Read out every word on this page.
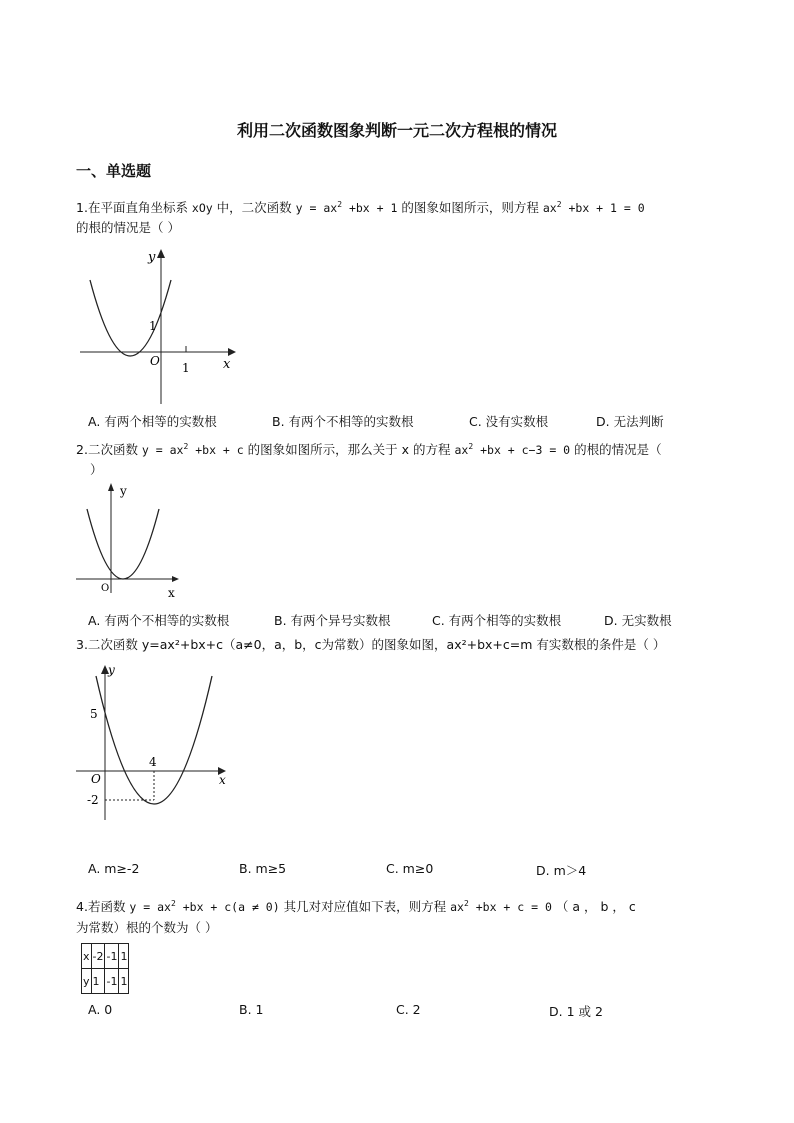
利用二次函数图象判断一元二次方程根的情况
一、单选题
1.在平面直角坐标系 xOy 中，二次函数 $y = ax^2 +bx + 1$ 的图象如图所示，则方程 $ax^2 +bx + 1 = 0$
的根的情况是（ ）
y
x
O
1
1
A. 有两个相等的实数根	B. 有两个不相等的实数根	C. 没有实数根	D. 无法判断
2.二次函数 $y = ax^2 +bx + c$ 的图象如图所示，那么关于 x 的方程 $ax^2 +bx + c-3 = 0$ 的根的情况是（
）
y
x
O
A. 有两个不相等的实数根	B. 有两个异号实数根	C. 有两个相等的实数根	D. 无实数根
3.二次函数 y=ax²+bx+c（a≠0，a，b，c为常数）的图象如图，ax²+bx+c=m 有实数根的条件是（ ）
y
x
O
5
4
-2
A. m≥-2	B. m≥5	C. m≥0	D. m＞4
4.若函数 $y = ax^2 +bx + c(a \ne 0)$ 其几对对应值如下表，则方程 $ax^2 +bx + c = 0$ （ a ， b ， c
为常数）根的个数为（ ）
x	-2	-1	1
y	1	-1	1
A. 0	B. 1	C. 2	D. 1 或 2
